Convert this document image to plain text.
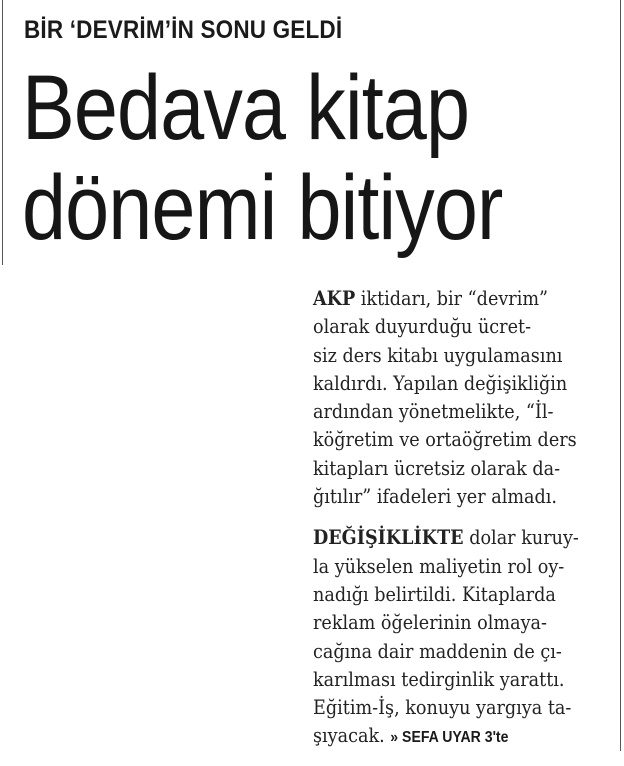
BİR ‘DEVRİM’İN SONU GELDİ
Bedava kitap
dönemi bitiyor

AKP iktidarı, bir “devrim”
olarak duyurduğu ücret-
siz ders kitabı uygulamasını
kaldırdı. Yapılan değişikliğin
ardından yönetmelikte, “İl-
köğretim ve ortaöğretim ders
kitapları ücretsiz olarak da-
ğıtılır” ifadeleri yer almadı.

DEĞİŞİKLİKTE dolar kuruy-
la yükselen maliyetin rol oy-
nadığı belirtildi. Kitaplarda
reklam öğelerinin olmaya-
cağına dair maddenin de çı-
karılması tedirginlik yarattı.
Eğitim-İş, konuyu yargıya ta-
şıyacak. » SEFA UYAR 3'te
